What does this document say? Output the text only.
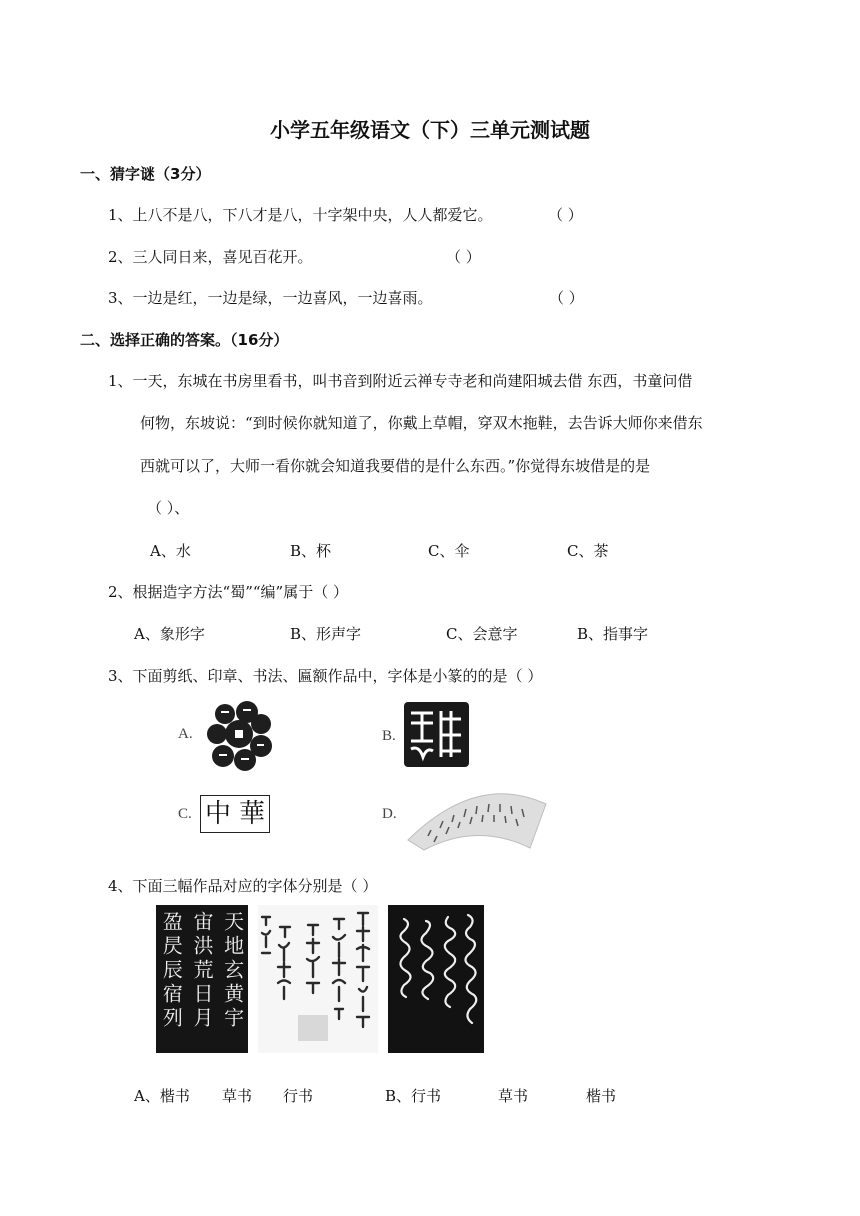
小学五年级语文（下）三单元测试题
一、猜字谜（3分）
1、上八不是八，下八才是八，十字架中央，人人都爱它。	（ ）
2、三人同日来，喜见百花开。	（ ）
3、一边是红，一边是绿，一边喜风，一边喜雨。	（ ）
二、选择正确的答案。（16分）
1、一天，东城在书房里看书，叫书音到附近云禅专寺老和尚建阳城去借 东西，书童问借
何物，东坡说：“到时候你就知道了，你戴上草帽，穿双木拖鞋，去告诉大师你来借东
西就可以了，大师一看你就会知道我要借的是什么东西。”你觉得东坡借是的是
（ ）、
A、水	B、杯	C、伞	C、茶
2、根据造字方法“蜀”“编”属于（ ）
A、象形字	B、形声字	C、会意字	B、指事字
3、下面剪纸、印章、书法、匾额作品中，字体是小篆的的是（ ）
A.	B.
C. 中 華	D.
4、下面三幅作品对应的字体分别是（ ）
天地玄黄宇
宙洪荒日月
盈昃辰宿列
A、楷书 草书 行书	B、行书	草书	楷书
